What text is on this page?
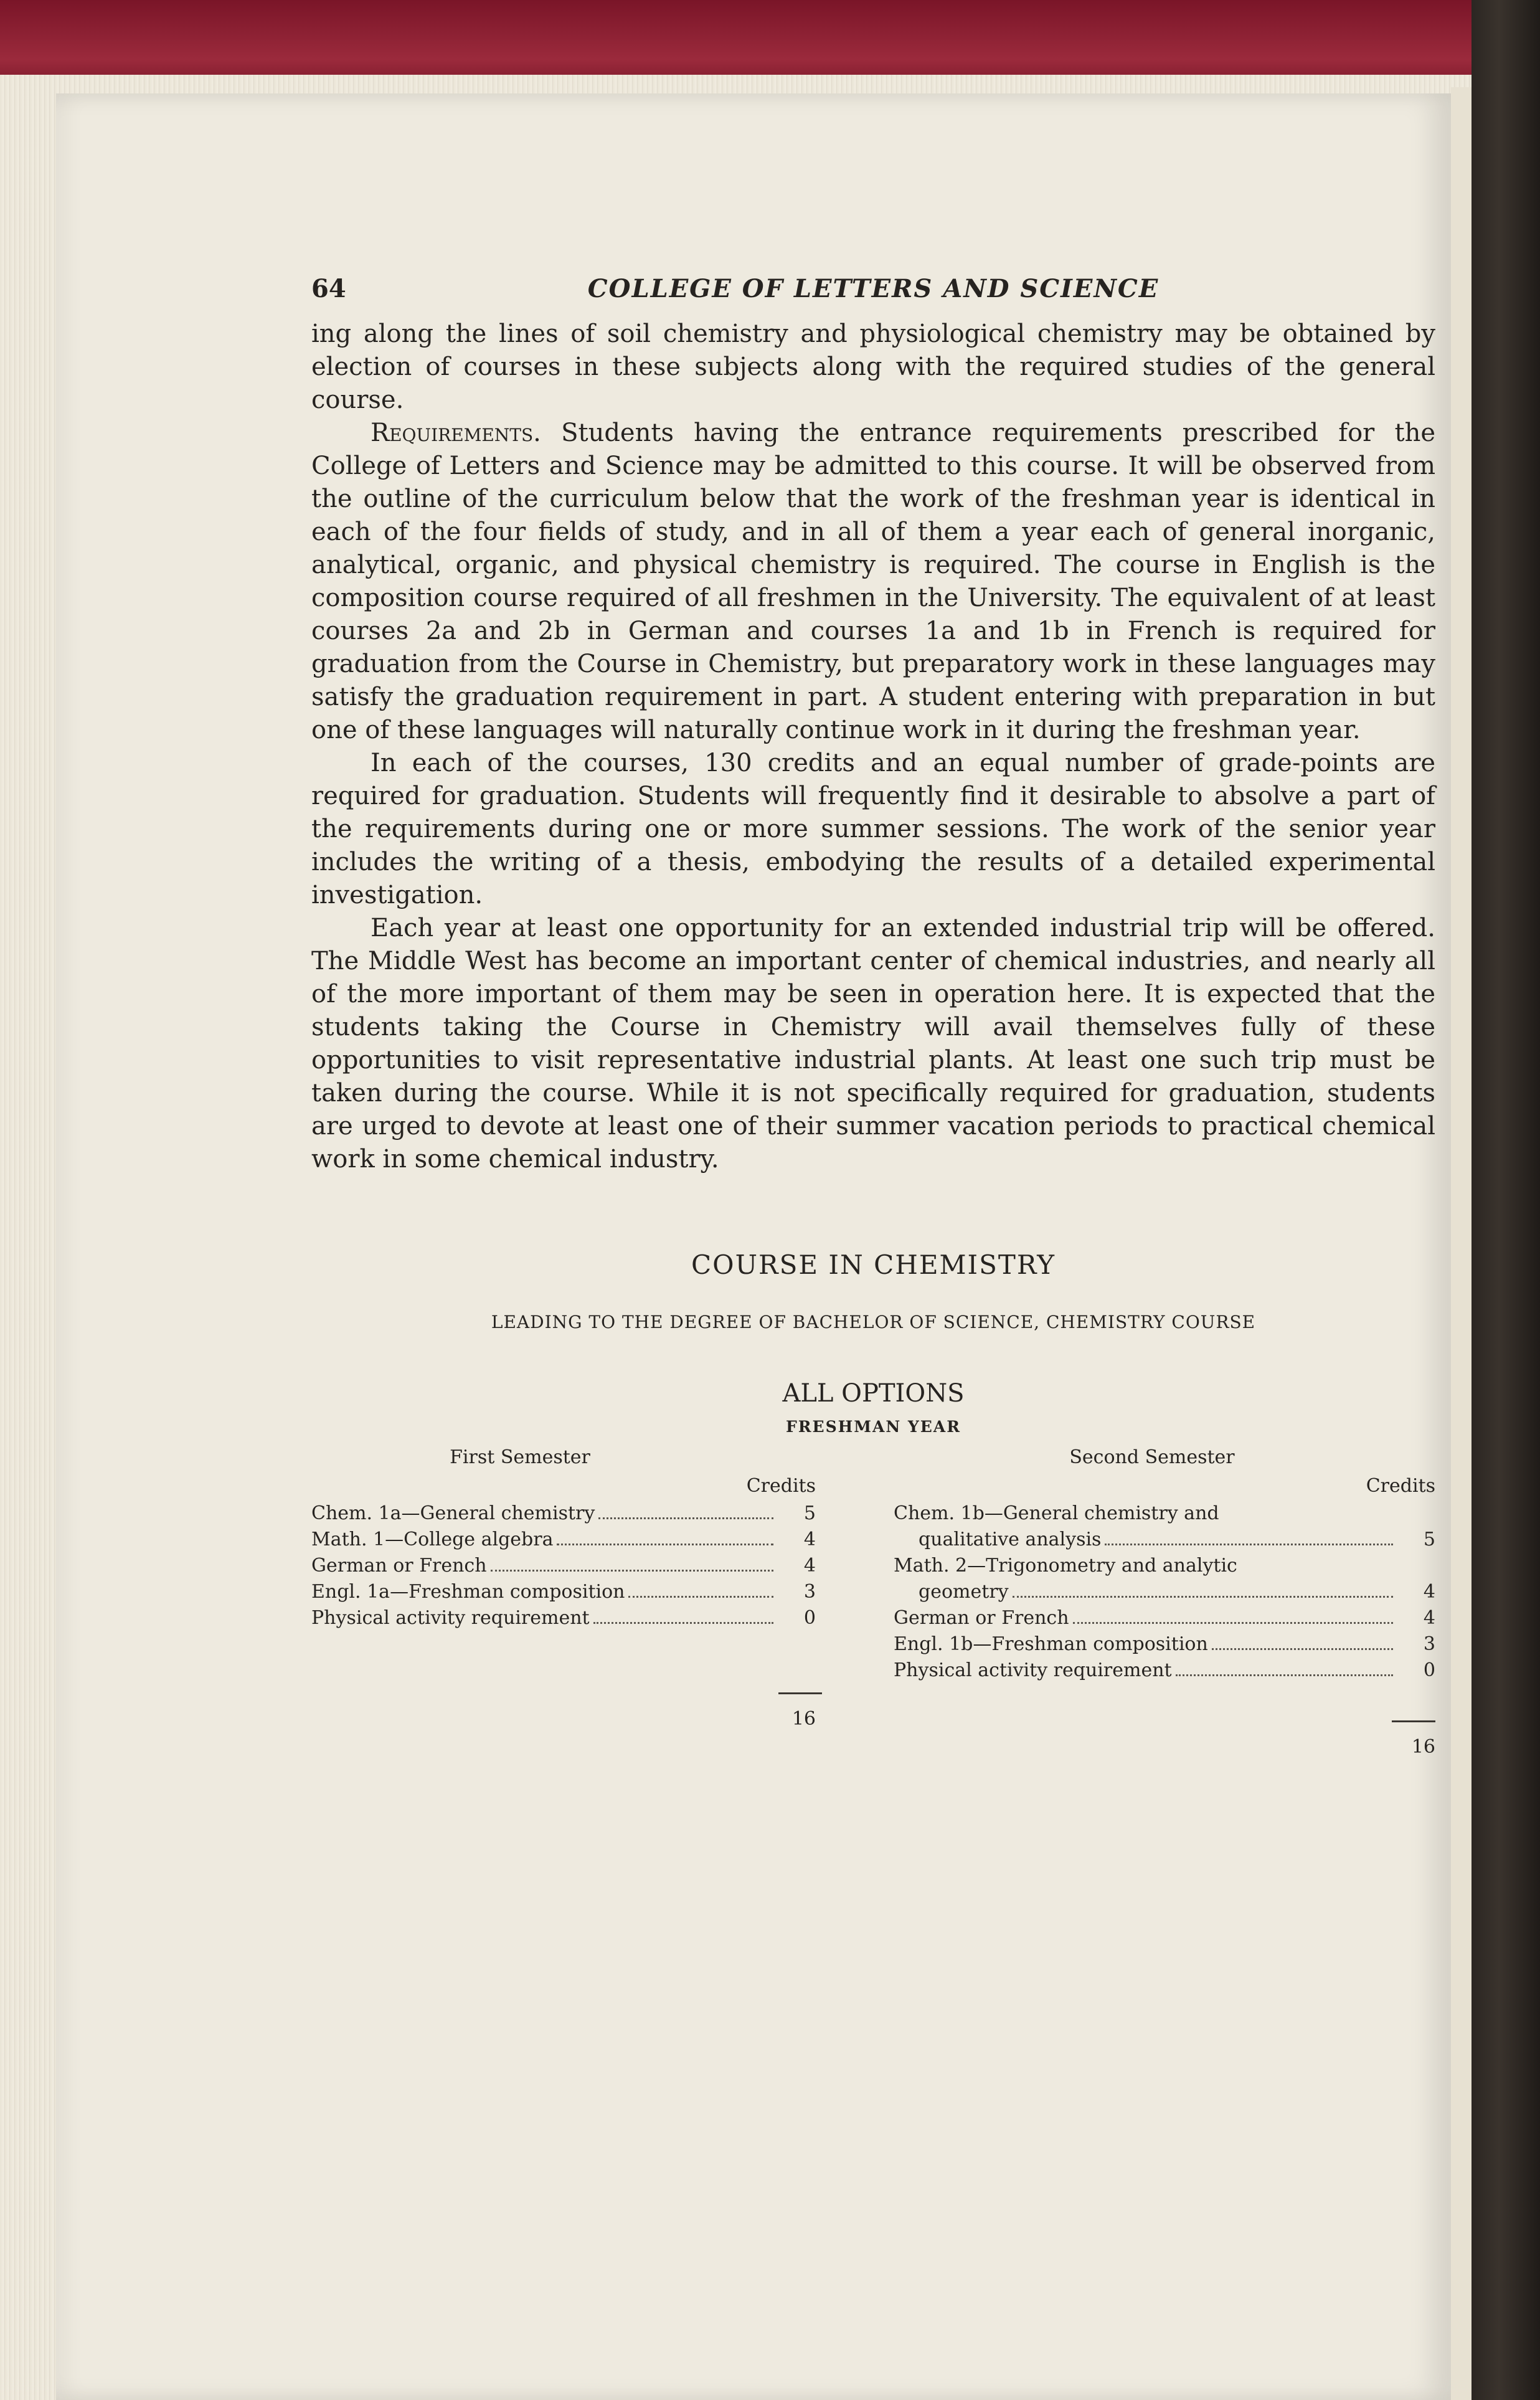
64	COLLEGE OF LETTERS AND SCIENCE

ing along the lines of soil chemistry and physiological chemistry may be obtained by election of courses in these subjects along with the required studies of the general course.

Requirements. Students having the entrance requirements prescribed for the College of Letters and Science may be admitted to this course. It will be observed from the outline of the curriculum below that the work of the freshman year is identical in each of the four fields of study, and in all of them a year each of general inorganic, analytical, organic, and physical chemistry is required. The course in English is the composition course required of all freshmen in the University. The equivalent of at least courses 2a and 2b in German and courses 1a and 1b in French is required for graduation from the Course in Chemistry, but preparatory work in these languages may satisfy the graduation requirement in part. A student entering with preparation in but one of these languages will naturally continue work in it during the freshman year.

In each of the courses, 130 credits and an equal number of grade-points are required for graduation. Students will frequently find it desirable to absolve a part of the requirements during one or more summer sessions. The work of the senior year includes the writing of a thesis, embodying the results of a detailed experimental investigation.

Each year at least one opportunity for an extended industrial trip will be offered. The Middle West has become an important center of chemical industries, and nearly all of the more important of them may be seen in operation here. It is expected that the students taking the Course in Chemistry will avail themselves fully of these opportunities to visit representative industrial plants. At least one such trip must be taken during the course. While it is not specifically required for graduation, students are urged to devote at least one of their summer vacation periods to practical chemical work in some chemical industry.

COURSE IN CHEMISTRY
LEADING TO THE DEGREE OF BACHELOR OF SCIENCE, CHEMISTRY COURSE
ALL OPTIONS
FRESHMAN YEAR
First Semester
Credits
Chem. 1a—General chemistry	5
Math. 1—College algebra	4
German or French	4
Engl. 1a—Freshman composition	3
Physical activity requirement	0
16
Second Semester
Credits
Chem. 1b—General chemistry and
qualitative analysis	5
Math. 2—Trigonometry and analytic
geometry	4
German or French	4
Engl. 1b—Freshman composition	3
Physical activity requirement	0
16
